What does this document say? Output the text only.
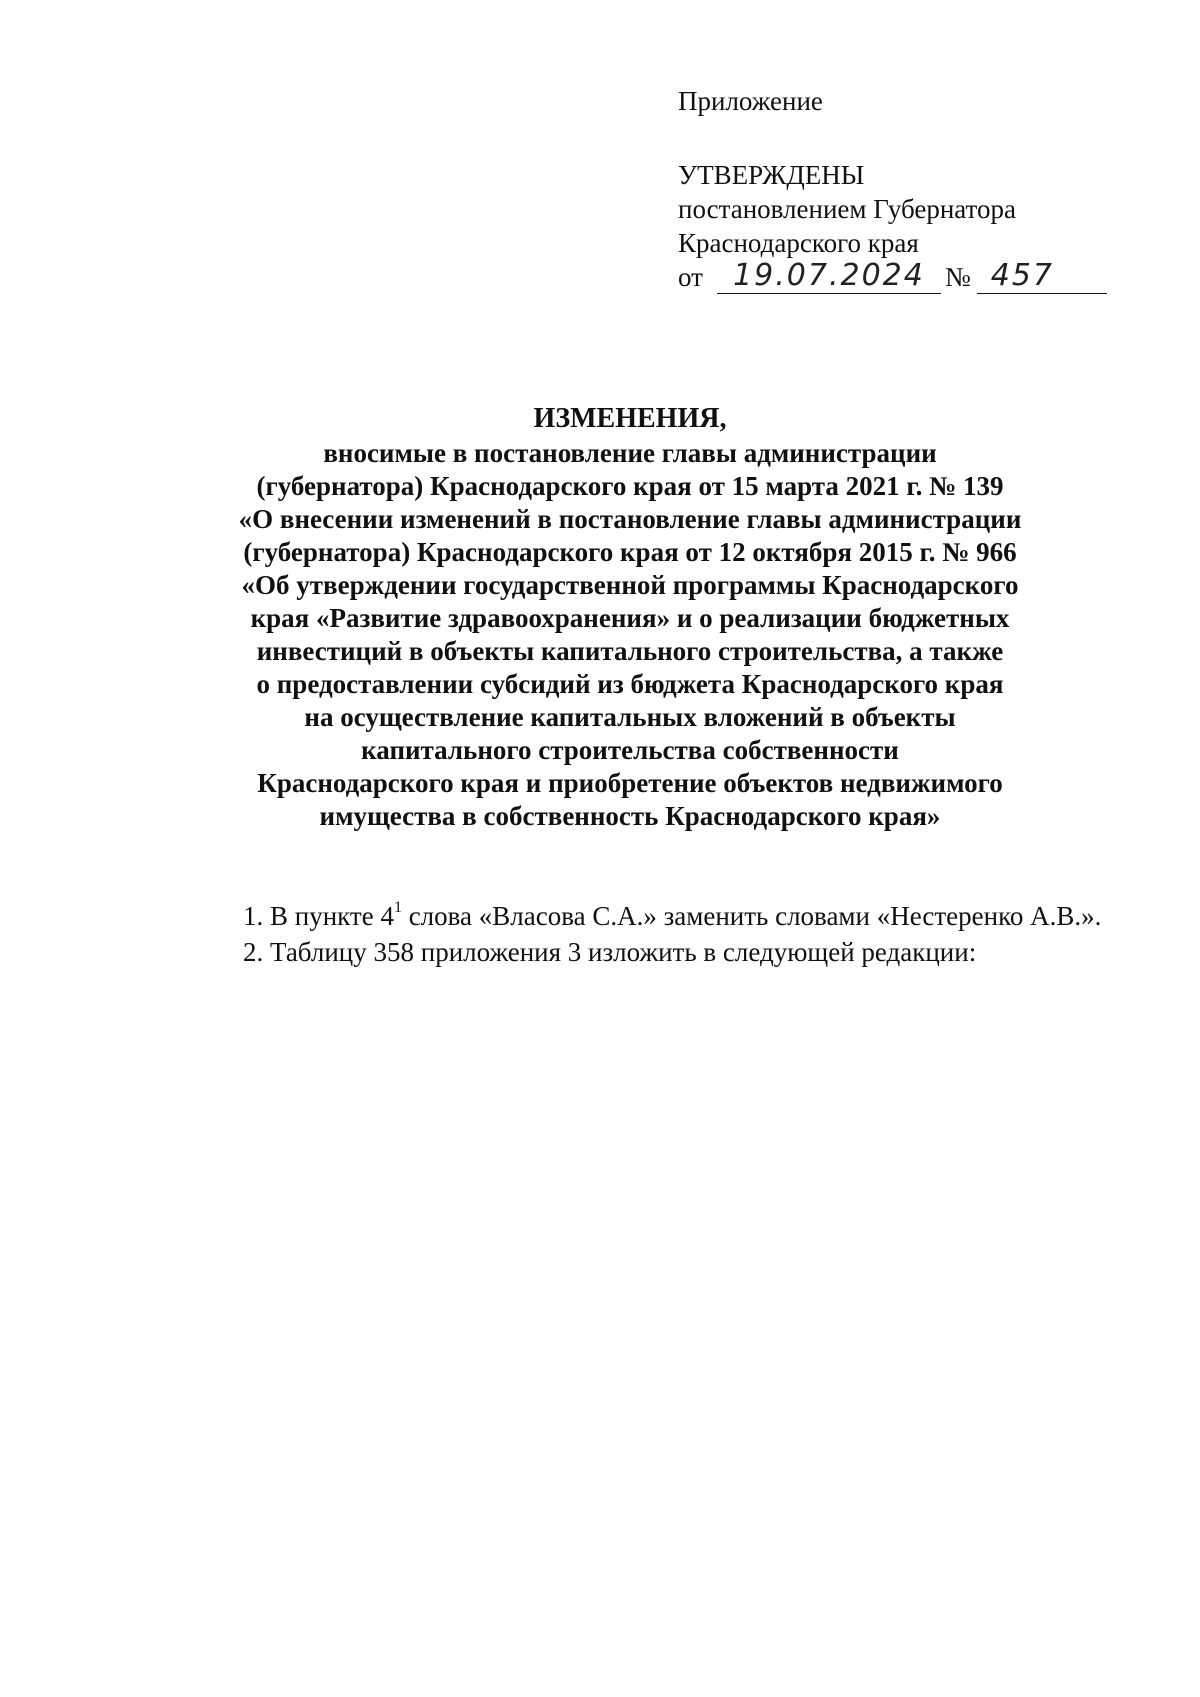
Приложение
УТВЕРЖДЕНЫ
постановлением Губернатора
Краснодарского края
от	19.07.2024 № 457
ИЗМЕНЕНИЯ,
вносимые в постановление главы администрации
(губернатора) Краснодарского края от 15 марта 2021 г. № 139
«О внесении изменений в постановление главы администрации
(губернатора) Краснодарского края от 12 октября 2015 г. № 966
«Об утверждении государственной программы Краснодарского
края «Развитие здравоохранения» и о реализации бюджетных
инвестиций в объекты капитального строительства, а также
о предоставлении субсидий из бюджета Краснодарского края
на осуществление капитальных вложений в объекты
капитального строительства собственности
Краснодарского края и приобретение объектов недвижимого
имущества в собственность Краснодарского края»
1. В пункте $4^1$ слова «Власова С.А.» заменить словами «Нестеренко А.В.».
2. Таблицу 358 приложения 3 изложить в следующей редакции:
